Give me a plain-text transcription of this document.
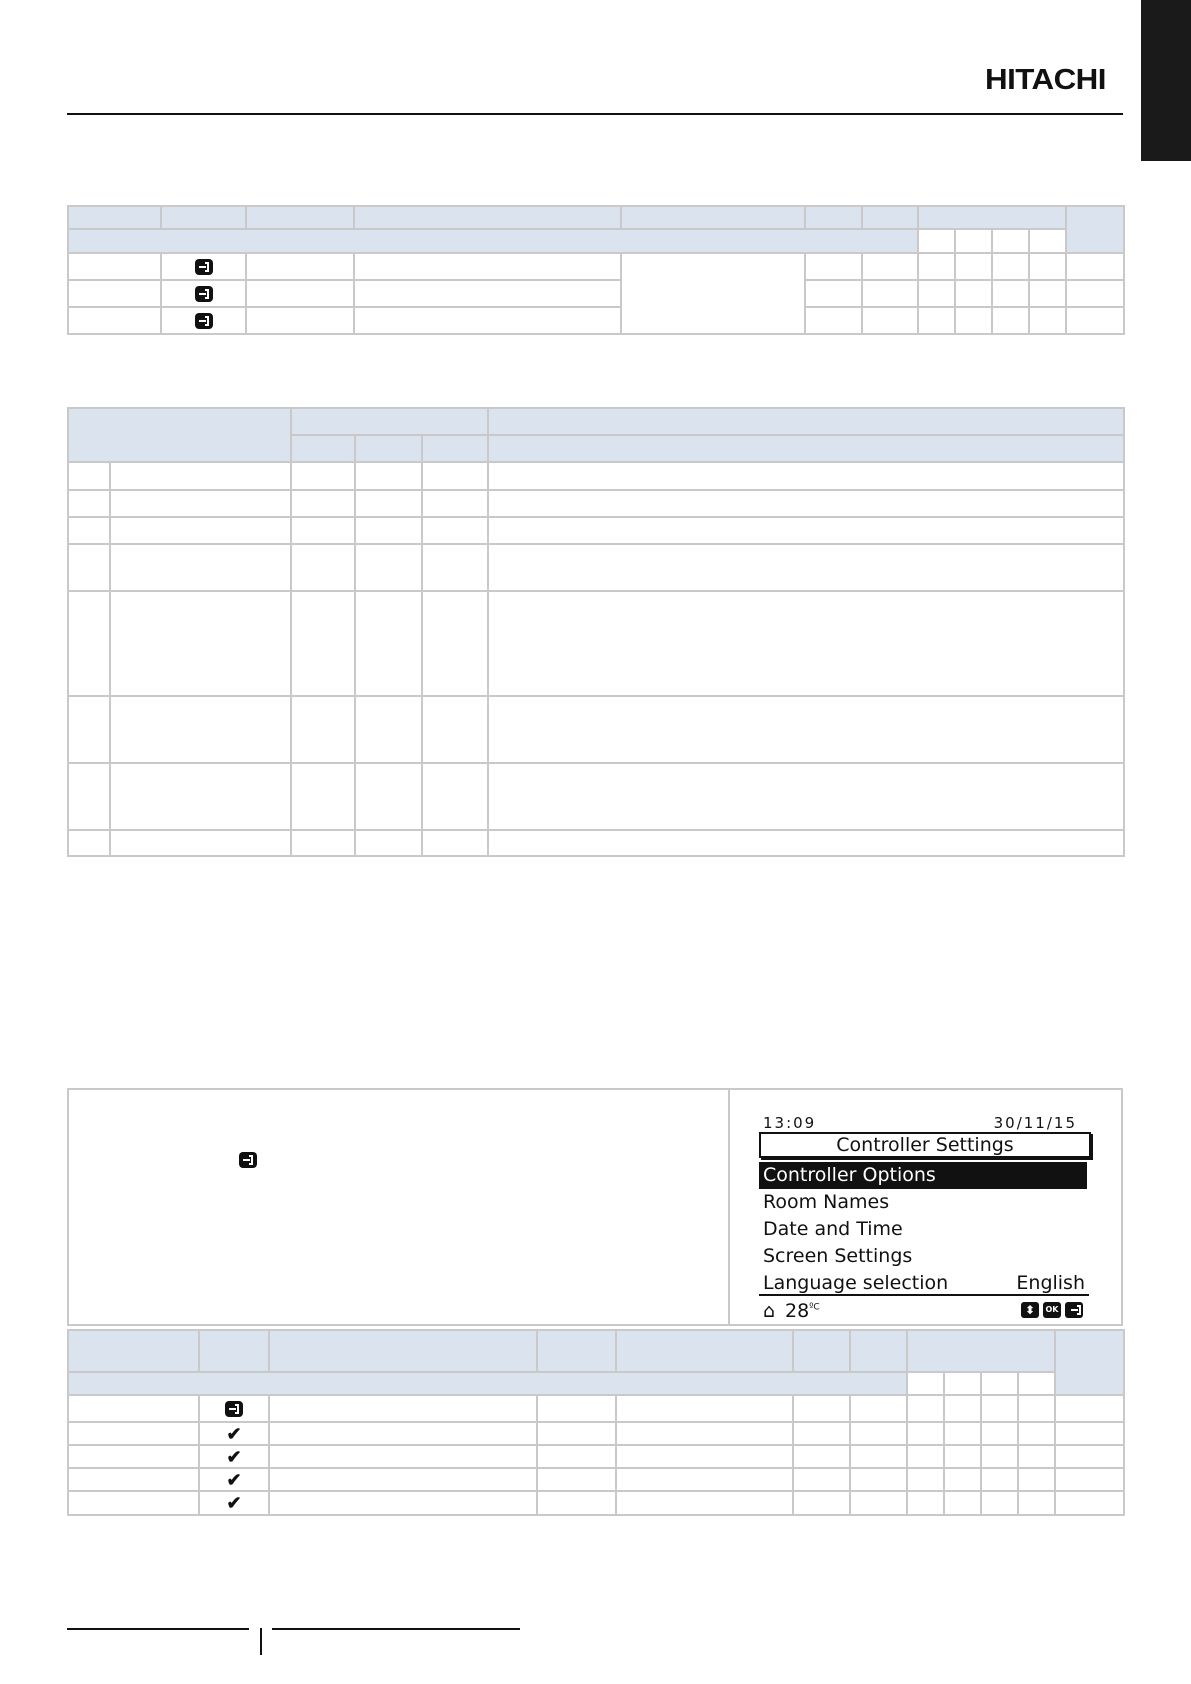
HITACHI

13:09	30/11/15
Controller Settings
Controller Options
Room Names
Date and Time
Screen Settings
Language selection	English
⌂ $28^{ºC}$
⬍	OK

	✔										
	✔										
	✔										
	✔										
